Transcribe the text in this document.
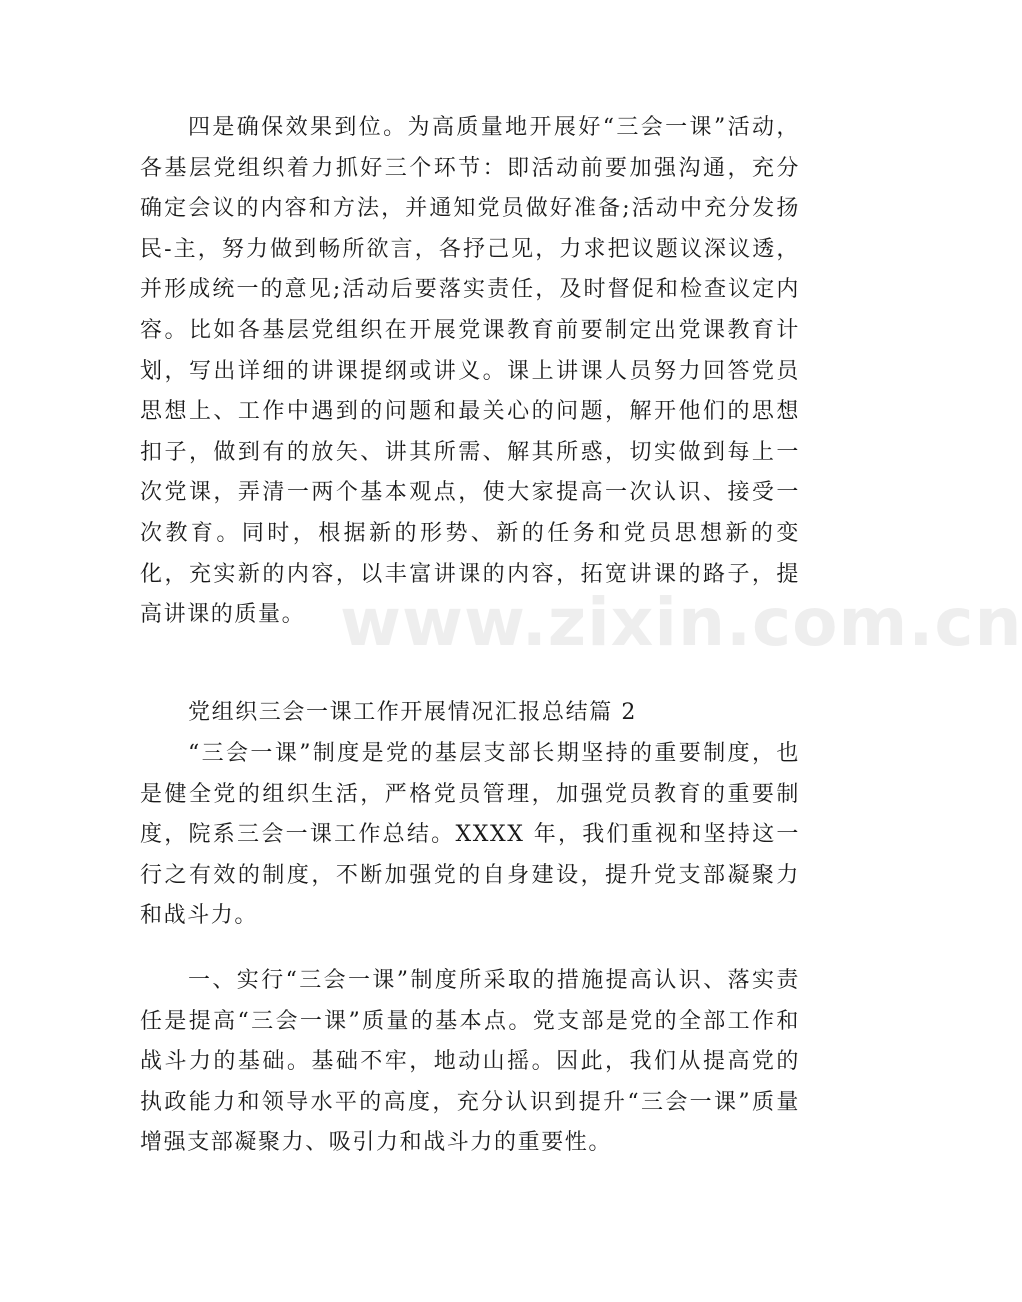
www.zixin.com.cn

四是确保效果到位。为高质量地开展好“三会一课”活动，各基层党组织着力抓好三个环节：即活动前要加强沟通，充分确定会议的内容和方法，并通知党员做好准备;活动中充分发扬民-主，努力做到畅所欲言，各抒己见，力求把议题议深议透，并形成统一的意见;活动后要落实责任，及时督促和检查议定内容。比如各基层党组织在开展党课教育前要制定出党课教育计划，写出详细的讲课提纲或讲义。课上讲课人员努力回答党员思想上、工作中遇到的问题和最关心的问题，解开他们的思想扣子，做到有的放矢、讲其所需、解其所惑，切实做到每上一次党课，弄清一两个基本观点，使大家提高一次认识、接受一次教育。同时，根据新的形势、新的任务和党员思想新的变化，充实新的内容，以丰富讲课的内容，拓宽讲课的路子，提高讲课的质量。

党组织三会一课工作开展情况汇报总结篇 2

“三会一课”制度是党的基层支部长期坚持的重要制度，也是健全党的组织生活，严格党员管理，加强党员教育的重要制度，院系三会一课工作总结。XXXX 年，我们重视和坚持这一行之有效的制度，不断加强党的自身建设，提升党支部凝聚力和战斗力。

一、实行“三会一课”制度所采取的措施提高认识、落实责任是提高“三会一课”质量的基本点。党支部是党的全部工作和战斗力的基础。基础不牢，地动山摇。因此，我们从提高党的执政能力和领导水平的高度，充分认识到提升“三会一课”质量增强支部凝聚力、吸引力和战斗力的重要性。
